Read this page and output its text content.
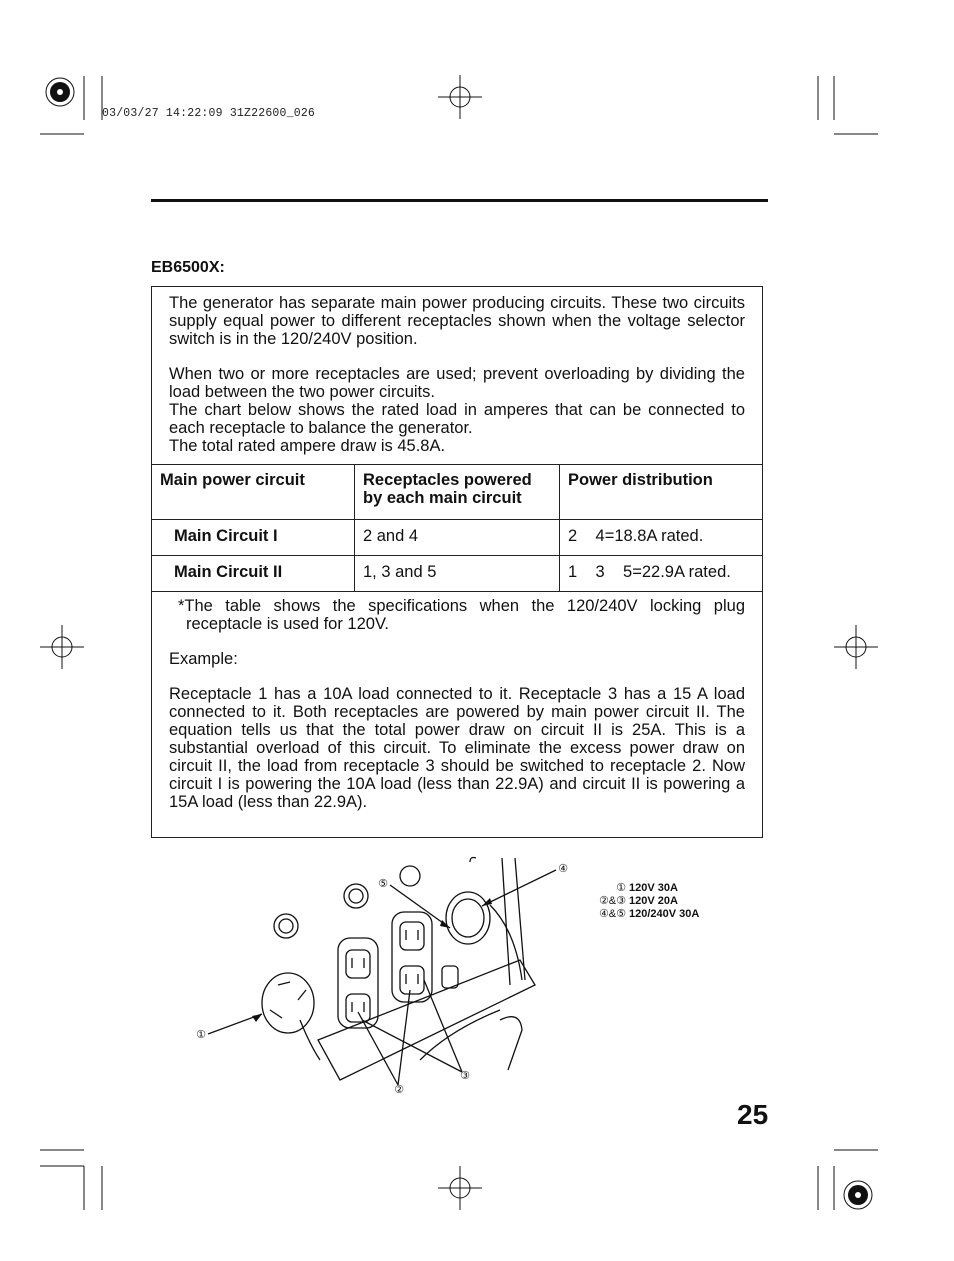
03/03/27 14:22:09 31Z22600_026
EB6500X:

The generator has separate main power producing circuits. These two circuits supply equal power to different receptacles shown when the voltage selector switch is in the 120/240V position.

When two or more receptacles are used; prevent overloading by dividing the load between the two power circuits.

The chart below shows the rated load in amperes that can be connected to each receptacle to balance the generator.

The total rated ampere draw is 45.8A.

Main power circuit	Receptacles powered by each main circuit	Power distribution
Main Circuit I	2 and 4	2    4=18.8A rated.
Main Circuit II	1, 3 and 5	1    3    5=22.9A rated.

*The table shows the specifications when the 120/240V locking plug receptacle is used for 120V.

Example:

Receptacle 1 has a 10A load connected to it. Receptacle 3 has a 15 A load connected to it. Both receptacles are powered by main power circuit II. The equation tells us that the total power draw on circuit II is 25A. This is a substantial overload of this circuit. To eliminate the excess power draw on circuit II, the load from receptacle 3 should be switched to receptacle 2. Now circuit I is powering the 10A load (less than 22.9A) and circuit II is powering a 15A load (less than 22.9A).

①
②
③
④
⑤	① 120V 30A
②&③ 120V 20A
④&⑤ 120/240V 30A
25
